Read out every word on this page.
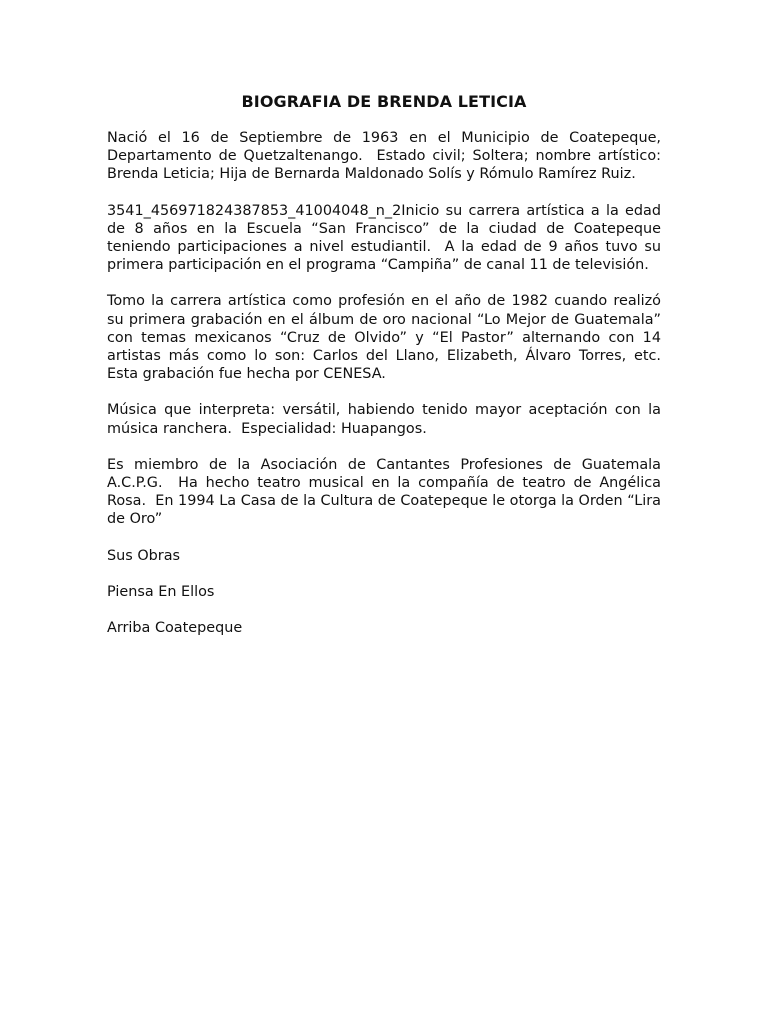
BIOGRAFIA DE BRENDA LETICIA

Nació el 16 de Septiembre de 1963 en el Municipio de Coatepeque, Departamento de Quetzaltenango.  Estado civil; Soltera; nombre artístico: Brenda Leticia; Hija de Bernarda Maldonado Solís y Rómulo Ramírez Ruiz.

3541_456971824387853_41004048_n_2Inicio su carrera artística a la edad de 8 años en la Escuela “San Francisco” de la ciudad de Coatepeque teniendo participaciones a nivel estudiantil.  A la edad de 9 años tuvo su primera participación en el programa “Campiña” de canal 11 de televisión.

Tomo la carrera artística como profesión en el año de 1982 cuando realizó su primera grabación en el álbum de oro nacional “Lo Mejor de Guatemala” con temas mexicanos “Cruz de Olvido” y “El Pastor” alternando con 14 artistas más como lo son: Carlos del Llano, Elizabeth, Álvaro Torres, etc.  Esta grabación fue hecha por CENESA.

Música que interpreta: versátil, habiendo tenido mayor aceptación con la música ranchera.  Especialidad: Huapangos.

Es miembro de la Asociación de Cantantes Profesiones de Guatemala A.C.P.G.  Ha hecho teatro musical en la compañía de teatro de Angélica Rosa.  En 1994 La Casa de la Cultura de Coatepeque le otorga la Orden “Lira de Oro”

Sus Obras

Piensa En Ellos

Arriba Coatepeque
